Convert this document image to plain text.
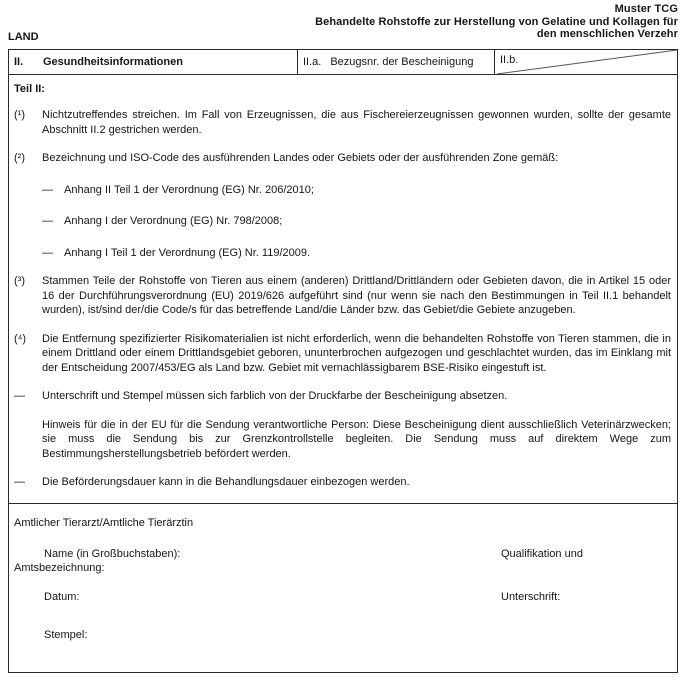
Muster TCG
Behandelte Rohstoffe zur Herstellung von Gelatine und Kollagen für
den menschlichen Verzehr
LAND
II.	Gesundheitsinformationen	II.a. Bezugsnr. der Bescheinigung II.b.
Teil II:
(¹)	Nichtzutreffendes streichen. Im Fall von Erzeugnissen, die aus Fischereierzeugnissen gewonnen wurden, sollte der gesamte Abschnitt II.2 gestrichen werden.
(²)	Bezeichnung und ISO-Code des ausführenden Landes oder Gebiets oder der ausführenden Zone gemäß:
—	Anhang II Teil 1 der Verordnung (EG) Nr. 206/2010;
—	Anhang I der Verordnung (EG) Nr. 798/2008;
—	Anhang I Teil 1 der Verordnung (EG) Nr. 119/2009.
(³)	Stammen Teile der Rohstoffe von Tieren aus einem (anderen) Drittland/Drittländern oder Gebieten davon, die in Artikel 15 oder 16 der Durchführungsverordnung (EU) 2019/626 aufgeführt sind (nur wenn sie nach den Bestimmungen in Teil II.1 behandelt wurden), ist/sind der/die Code/s für das betreffende Land/die Länder bzw. das Gebiet/die Gebiete anzugeben.
(⁴)	Die Entfernung spezifizierter Risikomaterialien ist nicht erforderlich, wenn die behandelten Rohstoffe von Tieren stammen, die in einem Drittland oder einem Drittlandsgebiet geboren, ununterbrochen aufgezogen und geschlachtet wurden, das im Einklang mit der Entscheidung 2007/453/EG als Land bzw. Gebiet mit vernachlässigbarem BSE-Risiko eingestuft ist.
—	Unterschrift und Stempel müssen sich farblich von der Druckfarbe der Bescheinigung absetzen.
Hinweis für die in der EU für die Sendung verantwortliche Person: Diese Bescheinigung dient ausschließlich Veterinärzwecken; sie muss die Sendung bis zur Grenzkontrollstelle begleiten. Die Sendung muss auf direktem Wege zum Bestimmungsherstellungsbetrieb befördert werden.
—	Die Beförderungsdauer kann in die Behandlungsdauer einbezogen werden.
Amtlicher Tierarzt/Amtliche Tierärztin
Name (in Großbuchstaben):	Qualifikation und
Amtsbezeichnung:
Datum:	Unterschrift:
Stempel:
